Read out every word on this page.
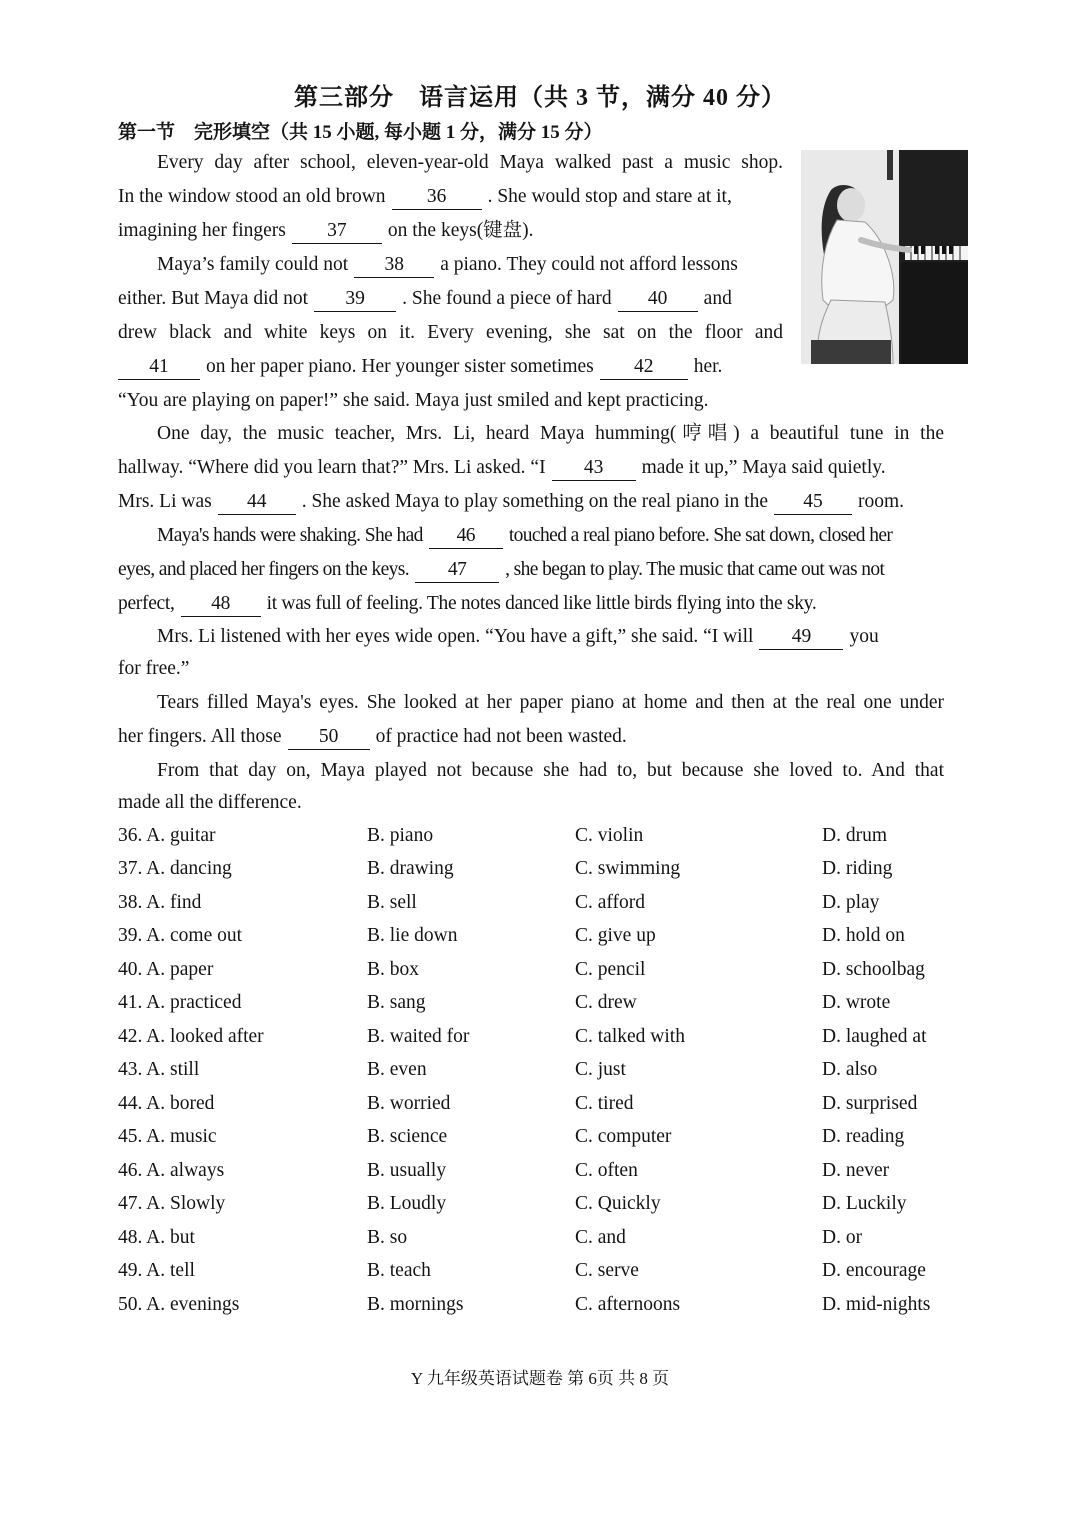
第三部分　语言运用（共 3 节，满分 40 分）
第一节　完形填空（共 15 小题, 每小题 1 分，满分 15 分）
Every day after school, eleven-year-old Maya walked past a music shop.
In the window stood an old brown 36 . She would stop and stare at it,
imagining her fingers 37 on the keys(键盘).
Maya’s family could not 38 a piano. They could not afford lessons
either. But Maya did not 39 . She found a piece of hard 40 and
drew black and white keys on it. Every evening, she sat on the floor and
41 on her paper piano. Her younger sister sometimes 42 her.
“You are playing on paper!” she said. Maya just smiled and kept practicing.
One day, the music teacher, Mrs. Li, heard Maya humming(哼唱) a beautiful tune in the
hallway. “Where did you learn that?” Mrs. Li asked. “I 43 made it up,” Maya said quietly.
Mrs. Li was 44 . She asked Maya to play something on the real piano in the 45 room.
Maya's hands were shaking. She had 46 touched a real piano before. She sat down, closed her
eyes, and placed her fingers on the keys. 47 , she began to play. The music that came out was not
perfect, 48 it was full of feeling. The notes danced like little birds flying into the sky.
Mrs. Li listened with her eyes wide open. “You have a gift,” she said. “I will 49 you
for free.”
Tears filled Maya's eyes. She looked at her paper piano at home and then at the real one under
her fingers. All those 50 of practice had not been wasted.
From that day on, Maya played not because she had to, but because she loved to. And that
made all the difference.
36. A. guitar	B. piano	C. violin	D. drum
37. A. dancing	B. drawing	C. swimming	D. riding
38. A. find	B. sell	C. afford	D. play
39. A. come out	B. lie down	C. give up	D. hold on
40. A. paper	B. box	C. pencil	D. schoolbag
41. A. practiced	B. sang	C. drew	D. wrote
42. A. looked after	B. waited for	C. talked with	D. laughed at
43. A. still	B. even	C. just	D. also
44. A. bored	B. worried	C. tired	D. surprised
45. A. music	B. science	C. computer	D. reading
46. A. always	B. usually	C. often	D. never
47. A. Slowly	B. Loudly	C. Quickly	D. Luckily
48. A. but	B. so	C. and	D. or
49. A. tell	B. teach	C. serve	D. encourage
50. A. evenings	B. mornings	C. afternoons	D. mid-nights
Y 九年级英语试题卷 第 6页 共 8 页
